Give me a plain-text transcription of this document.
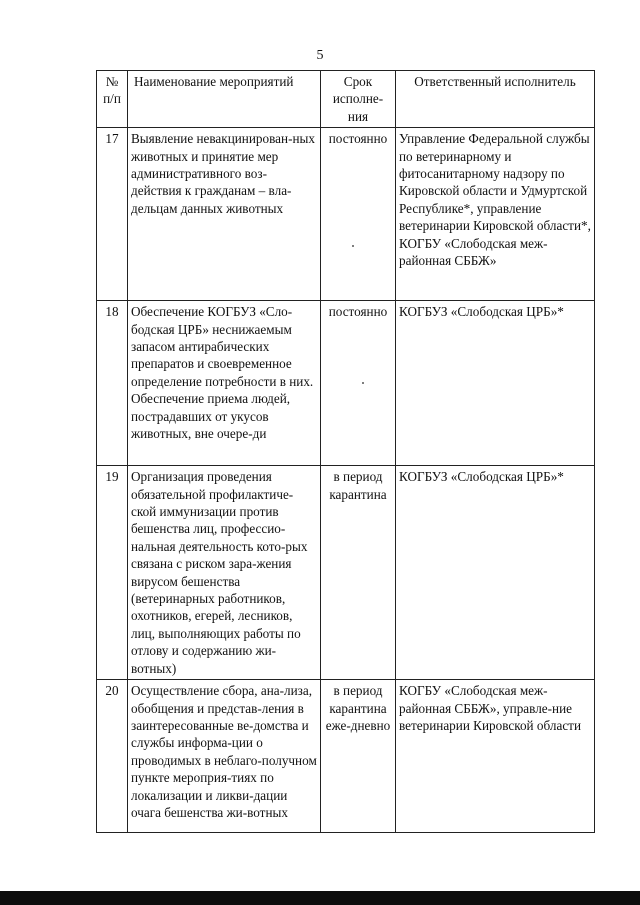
5
№ п/п	Наименование мероприятий	Срок исполне-ния	Ответственный исполнитель
17	Выявление невакцинирован-ных животных и принятие мер административного воз-действия к гражданам – вла-дельцам данных животных	постоянно	Управление Федеральной службы по ветеринарному и фитосанитарному надзору по Кировской области и Удмуртской Республике*, управление ветеринарии Кировской области*, КОГБУ «Слободская меж-районная СББЖ»
18	Обеспечение КОГБУЗ «Сло-бодская ЦРБ» неснижаемым запасом антирабических препаратов и своевременное определение потребности в них. Обеспечение приема людей, пострадавших от укусов животных, вне очере-ди	постоянно	КОГБУЗ «Слободская ЦРБ»*
19	Организация проведения обязательной профилактиче-ской иммунизации против бешенства лиц, профессио-нальная деятельность кото-рых связана с риском зара-жения вирусом бешенства (ветеринарных работников, охотников, егерей, лесников, лиц, выполняющих работы по отлову и содержанию жи-вотных)	в период карантина	КОГБУЗ «Слободская ЦРБ»*
20	Осуществление сбора, ана-лиза, обобщения и представ-ления в заинтересованные ве-домства и службы информа-ции о проводимых в неблаго-получном пункте мероприя-тиях по локализации и ликви-дации очага бешенства жи-вотных	в период карантина еже-дневно	КОГБУ «Слободская меж-районная СББЖ», управле-ние ветеринарии Кировской области
